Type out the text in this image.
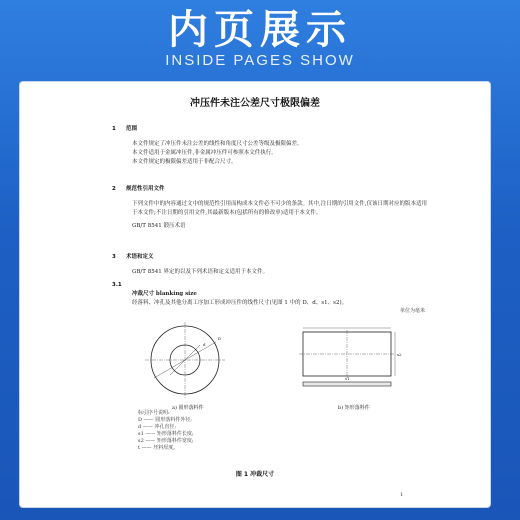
内页展示
INSIDE PAGES SHOW
冲压件未注公差尺寸极限偏差
1 范围

本文件规定了冲压件未注公差的线性和角度尺寸公差等级及极限偏差。

本文件适用于金属冲压件,非金属冲压件可参照本文件执行。

本文件规定的极限偏差适用于非配合尺寸。

2 规范性引用文件

下列文件中的内容通过文中的规范性引用而构成本文件必不可少的条款。其中,注日期的引用文件,仅该日期对应的版本适用于本文件;不注日期的引用文件,其最新版本(包括所有的修改单)适用于本文件。

GB/T 8541 锻压术语

3 术语和定义

GB/T 8541 界定的以及下列术语和定义适用于本文件。

3.1

冲裁尺寸 blanking size

经落料、冲孔及其他分离工序加工形成冲压件的线性尺寸(见图 1 中的 D、d、s1、s2)。

单位为毫米
d
D
s1
s2
a) 圆形落料件	b) 矩形落料件

标引序号说明:

D —— 圆形落料件外径;

d —— 冲孔直径;

s1 —— 矩形落料件长度;

s2 —— 矩形落料件宽度;

t —— 坯料厚度。

图 1 冲裁尺寸
1
